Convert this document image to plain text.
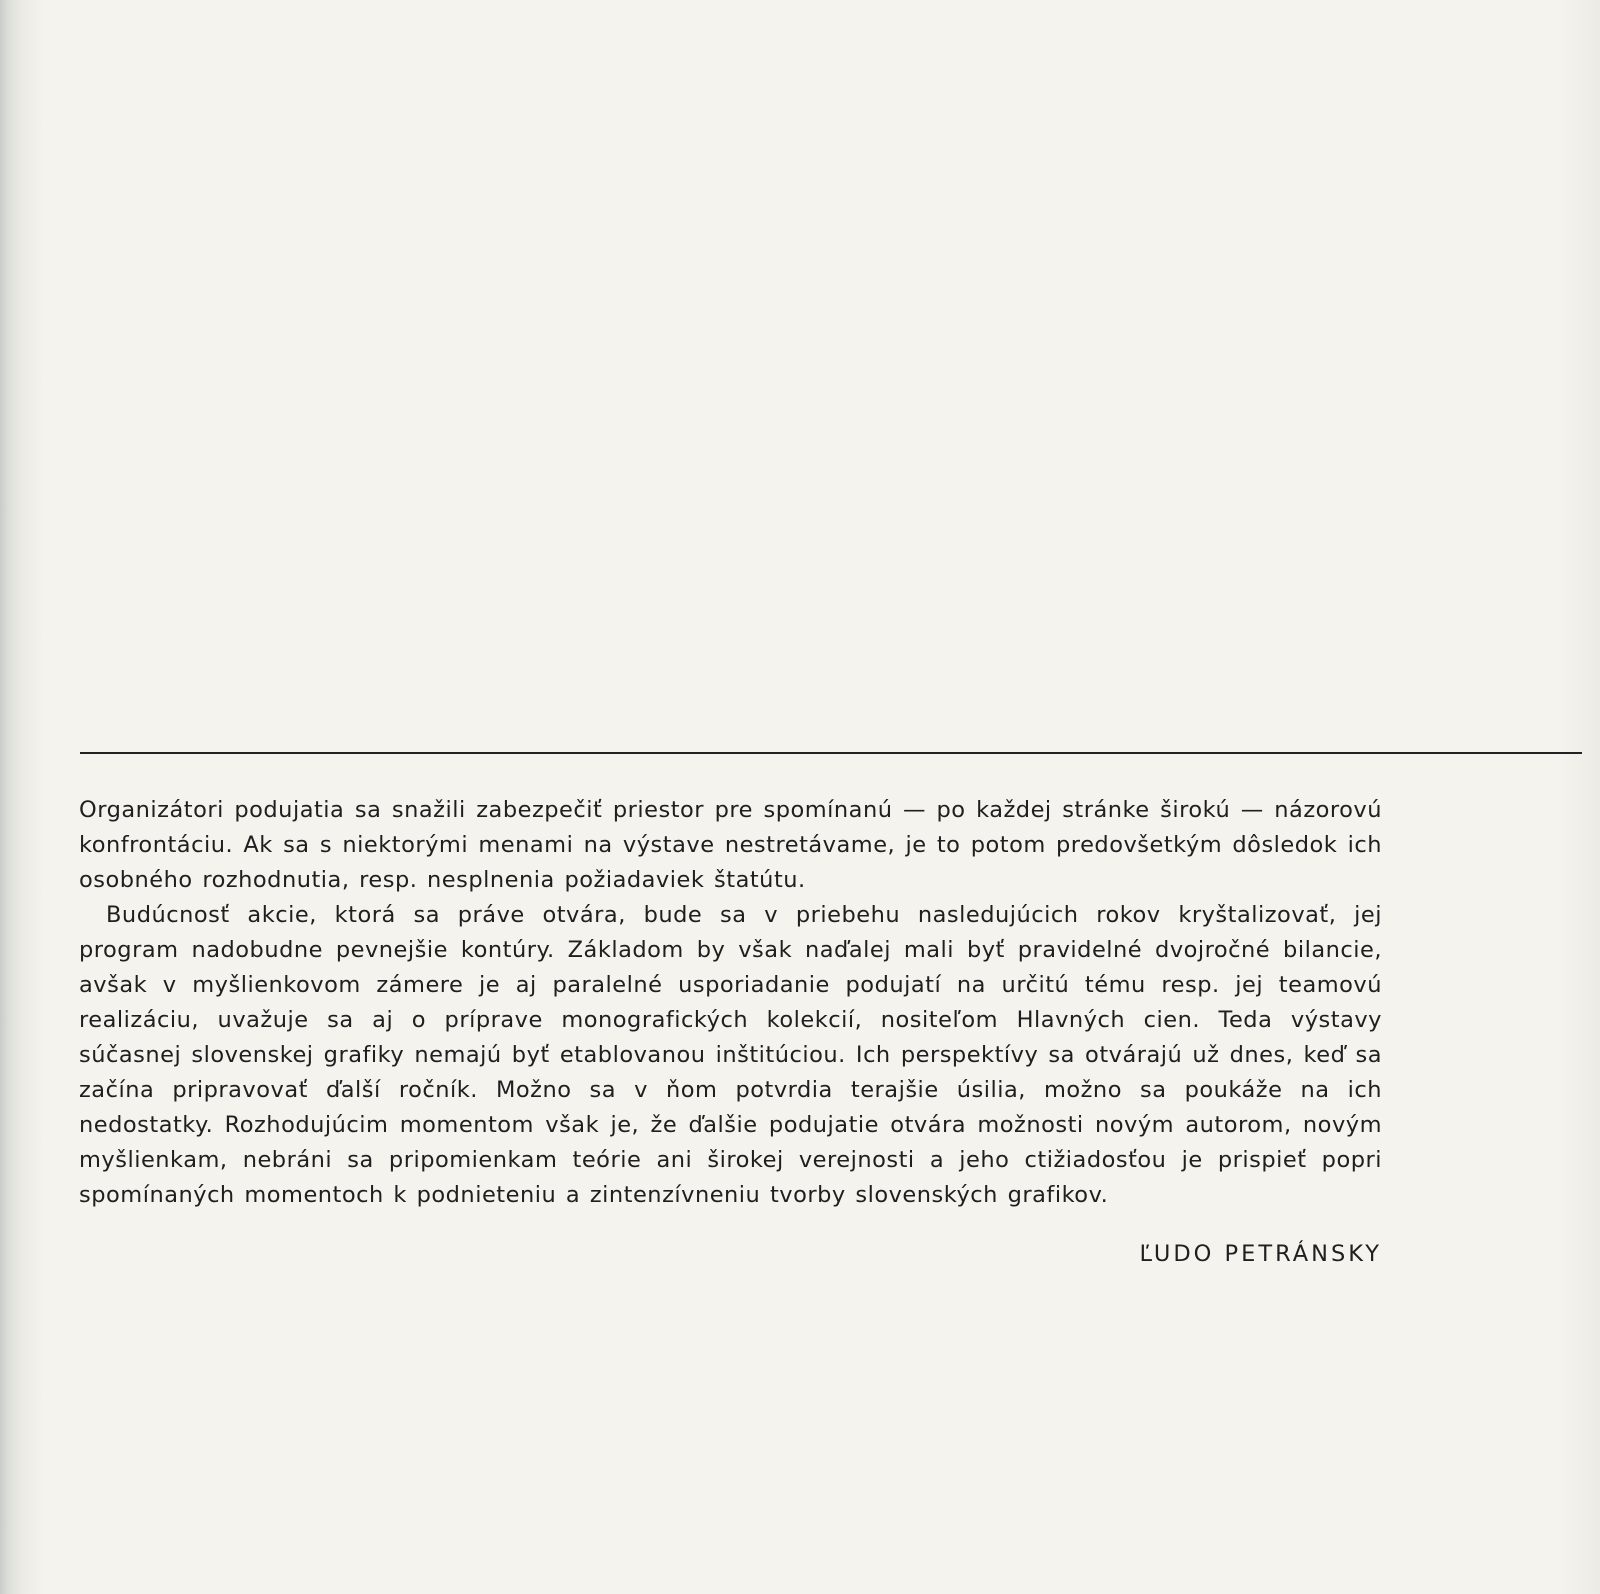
Organizátori podujatia sa snažili zabezpečiť priestor pre spomínanú — po každej stránke širokú — názorovú konfrontáciu. Ak sa s niektorými menami na výstave nestretávame, je to potom predovšetkým dôsledok ich osobného rozhodnutia, resp. nesplnenia požiadaviek štatútu.

Budúcnosť akcie, ktorá sa práve otvára, bude sa v priebehu nasledujúcich rokov kryštalizovať, jej program nadobudne pevnejšie kontúry. Základom by však naďalej mali byť pravidelné dvojročné bilancie, avšak v myšlienkovom zámere je aj paralelné usporiadanie podujatí na určitú tému resp. jej teamovú realizáciu, uvažuje sa aj o príprave monografických kolekcií, nositeľom Hlavných cien. Teda výstavy súčasnej slovenskej grafiky nemajú byť etablovanou inštitúciou. Ich perspektívy sa otvárajú už dnes, keď sa začína pripravovať ďalší ročník. Možno sa v ňom potvrdia terajšie úsilia, možno sa poukáže na ich nedostatky. Rozhodujúcim momentom však je, že ďalšie podujatie otvára možnosti novým autorom, novým myšlienkam, nebráni sa pripomienkam teórie ani širokej verejnosti a jeho ctižiadosťou je prispieť popri spomínaných momentoch k podnieteniu a zintenzívneniu tvorby slovenských grafikov.

ĽUDO PETRÁNSKY
